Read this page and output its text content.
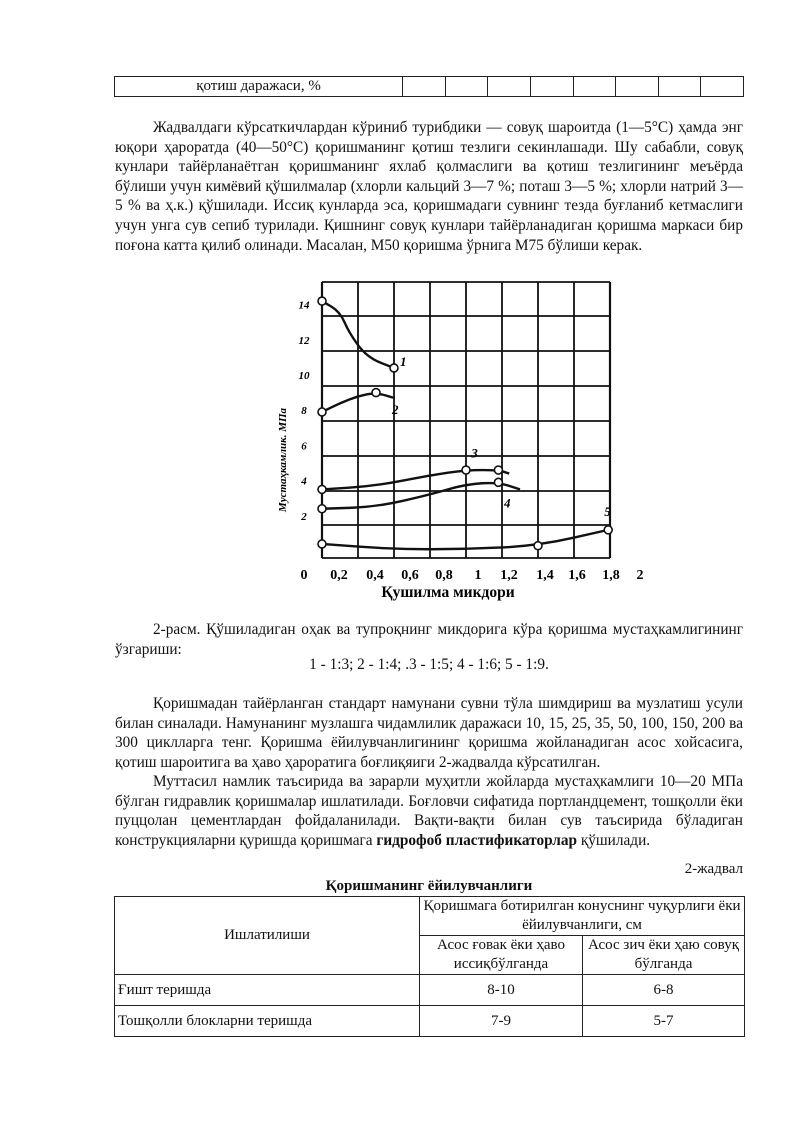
қотиш даражаси, %								

Жадвалдаги кўрсаткичлардан кўриниб турибдики — совуқ шароитда (1—5°С) ҳамда энг юқори ҳароратда (40—50°С) қоришманинг қотиш тезлиги секинлашади. Шу сабабли, совуқ кунлари тайёрланаётган қоришманинг яхлаб қолмаслиги ва қотиш тезлигининг меъёрда бўлиши учун кимёвий қўшилмалар (хлорли кальций 3—7 %; поташ 3—5 %; хлорли натрий 3—5 % ва ҳ.к.) қўшилади. Иссиқ кунларда эса, қоришмадаги сувнинг тезда буғланиб кетмаслиги учун унга сув сепиб турилади. Қишнинг совуқ кунлари тайёрланадиган қоришма маркаси бир поғона катта қилиб олинади. Масалан, М50 қоришма ўрнига М75 бўлиши керак.

1
2
3
4
5
0 0,2 0,4 0,6 0,8 1 1,2 1,4 1,6 1,8 2
2
4
6
8
10
12
14
Мустаҳкамлик. МПа
Қушилма микдори
2-расм. Қўшиладиган оҳак ва тупроқнинг микдорига кўра қоришма мустаҳкамлигининг ўзгариши:
1 - 1:3; 2 - 1:4; .3 - 1:5; 4 - 1:6; 5 - 1:9.

Қоришмадан тайёрланган стандарт намунани сувни тўла шимдириш ва музлатиш усули билан синалади. Намунанинг музлашга чидамлилик даражаси 10, 15, 25, 35, 50, 100, 150, 200 ва 300 циклларга тенг. Қоришма ёйилувчанлигининг қоришма жойланадиган асос хойсасига, қотиш шароитига ва ҳаво ҳароратига боғлиқяиги 2-жадвалда кўрсатилган.

Муттасил намлик таъсирида ва зарарли муҳитли жойларда мустаҳкамлиги 10—20 МПа бўлган гидравлик қоришмалар ишлатилади. Боғловчи сифатида портландцемент, тошқолли ёки пуццолан цементлардан фойдаланилади. Вақти-вақти билан сув таъсирида бўладиган конструкцияларни қуришда қоришмага гидрофоб пластификаторлар қўшилади.

2-жадвал
Қоришманинг ёйилувчанлиги
Ишлатилиши	Қоришмага ботирилган конуснинг чуқурлиги ёки ёйилувчанлиги, см	
	Асос ғовак ёки ҳаво иссиқбўлганда	Асос зич ёки ҳаю совуқ бўлганда
Ғишт теришда	8-10	6-8
Тошқолли блокларни теришда	7-9	5-7
